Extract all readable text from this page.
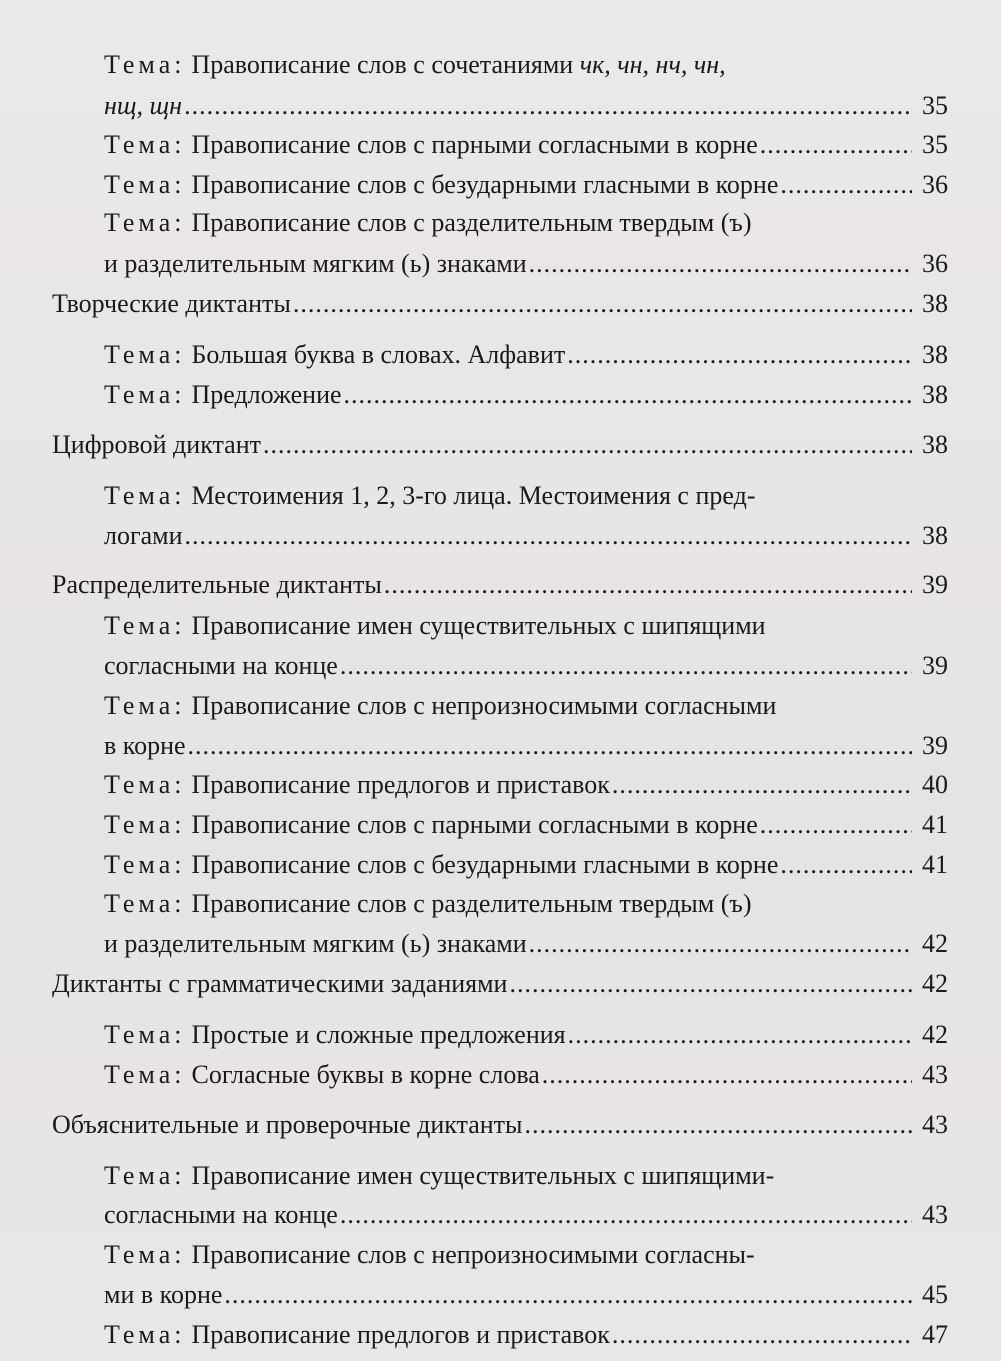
Тема: Правописание слов с сочетаниями чк, чн, нч, чн,
нщ, щн .....	35
Тема: Правописание слов с парными согласными в корне .....	35
Тема: Правописание слов с безударными гласными в корне .....	36
Тема: Правописание слов с разделительным твердым (ъ)
и разделительным мягким (ь) знаками .....	36
Творческие диктанты .....	38
Тема: Большая буква в словах. Алфавит .....	38
Тема: Предложение .....	38
Цифровой диктант .....	38
Тема: Местоимения 1, 2, 3-го лица. Местоимения с пред-
логами .....	38
Распределительные диктанты .....	39
Тема: Правописание имен существительных с шипящими
согласными на конце .....	39
Тема: Правописание слов с непроизносимыми согласными
в корне .....	39
Тема: Правописание предлогов и приставок .....	40
Тема: Правописание слов с парными согласными в корне .....	41
Тема: Правописание слов с безударными гласными в корне .....	41
Тема: Правописание слов с разделительным твердым (ъ)
и разделительным мягким (ь) знаками .....	42
Диктанты с грамматическими заданиями .....	42
Тема: Простые и сложные предложения .....	42
Тема: Согласные буквы в корне слова .....	43
Объяснительные и проверочные диктанты .....	43
Тема: Правописание имен существительных с шипящими-
согласными на конце .....	43
Тема: Правописание слов с непроизносимыми согласны-
ми в корне .....	45
Тема: Правописание предлогов и приставок .....	47
